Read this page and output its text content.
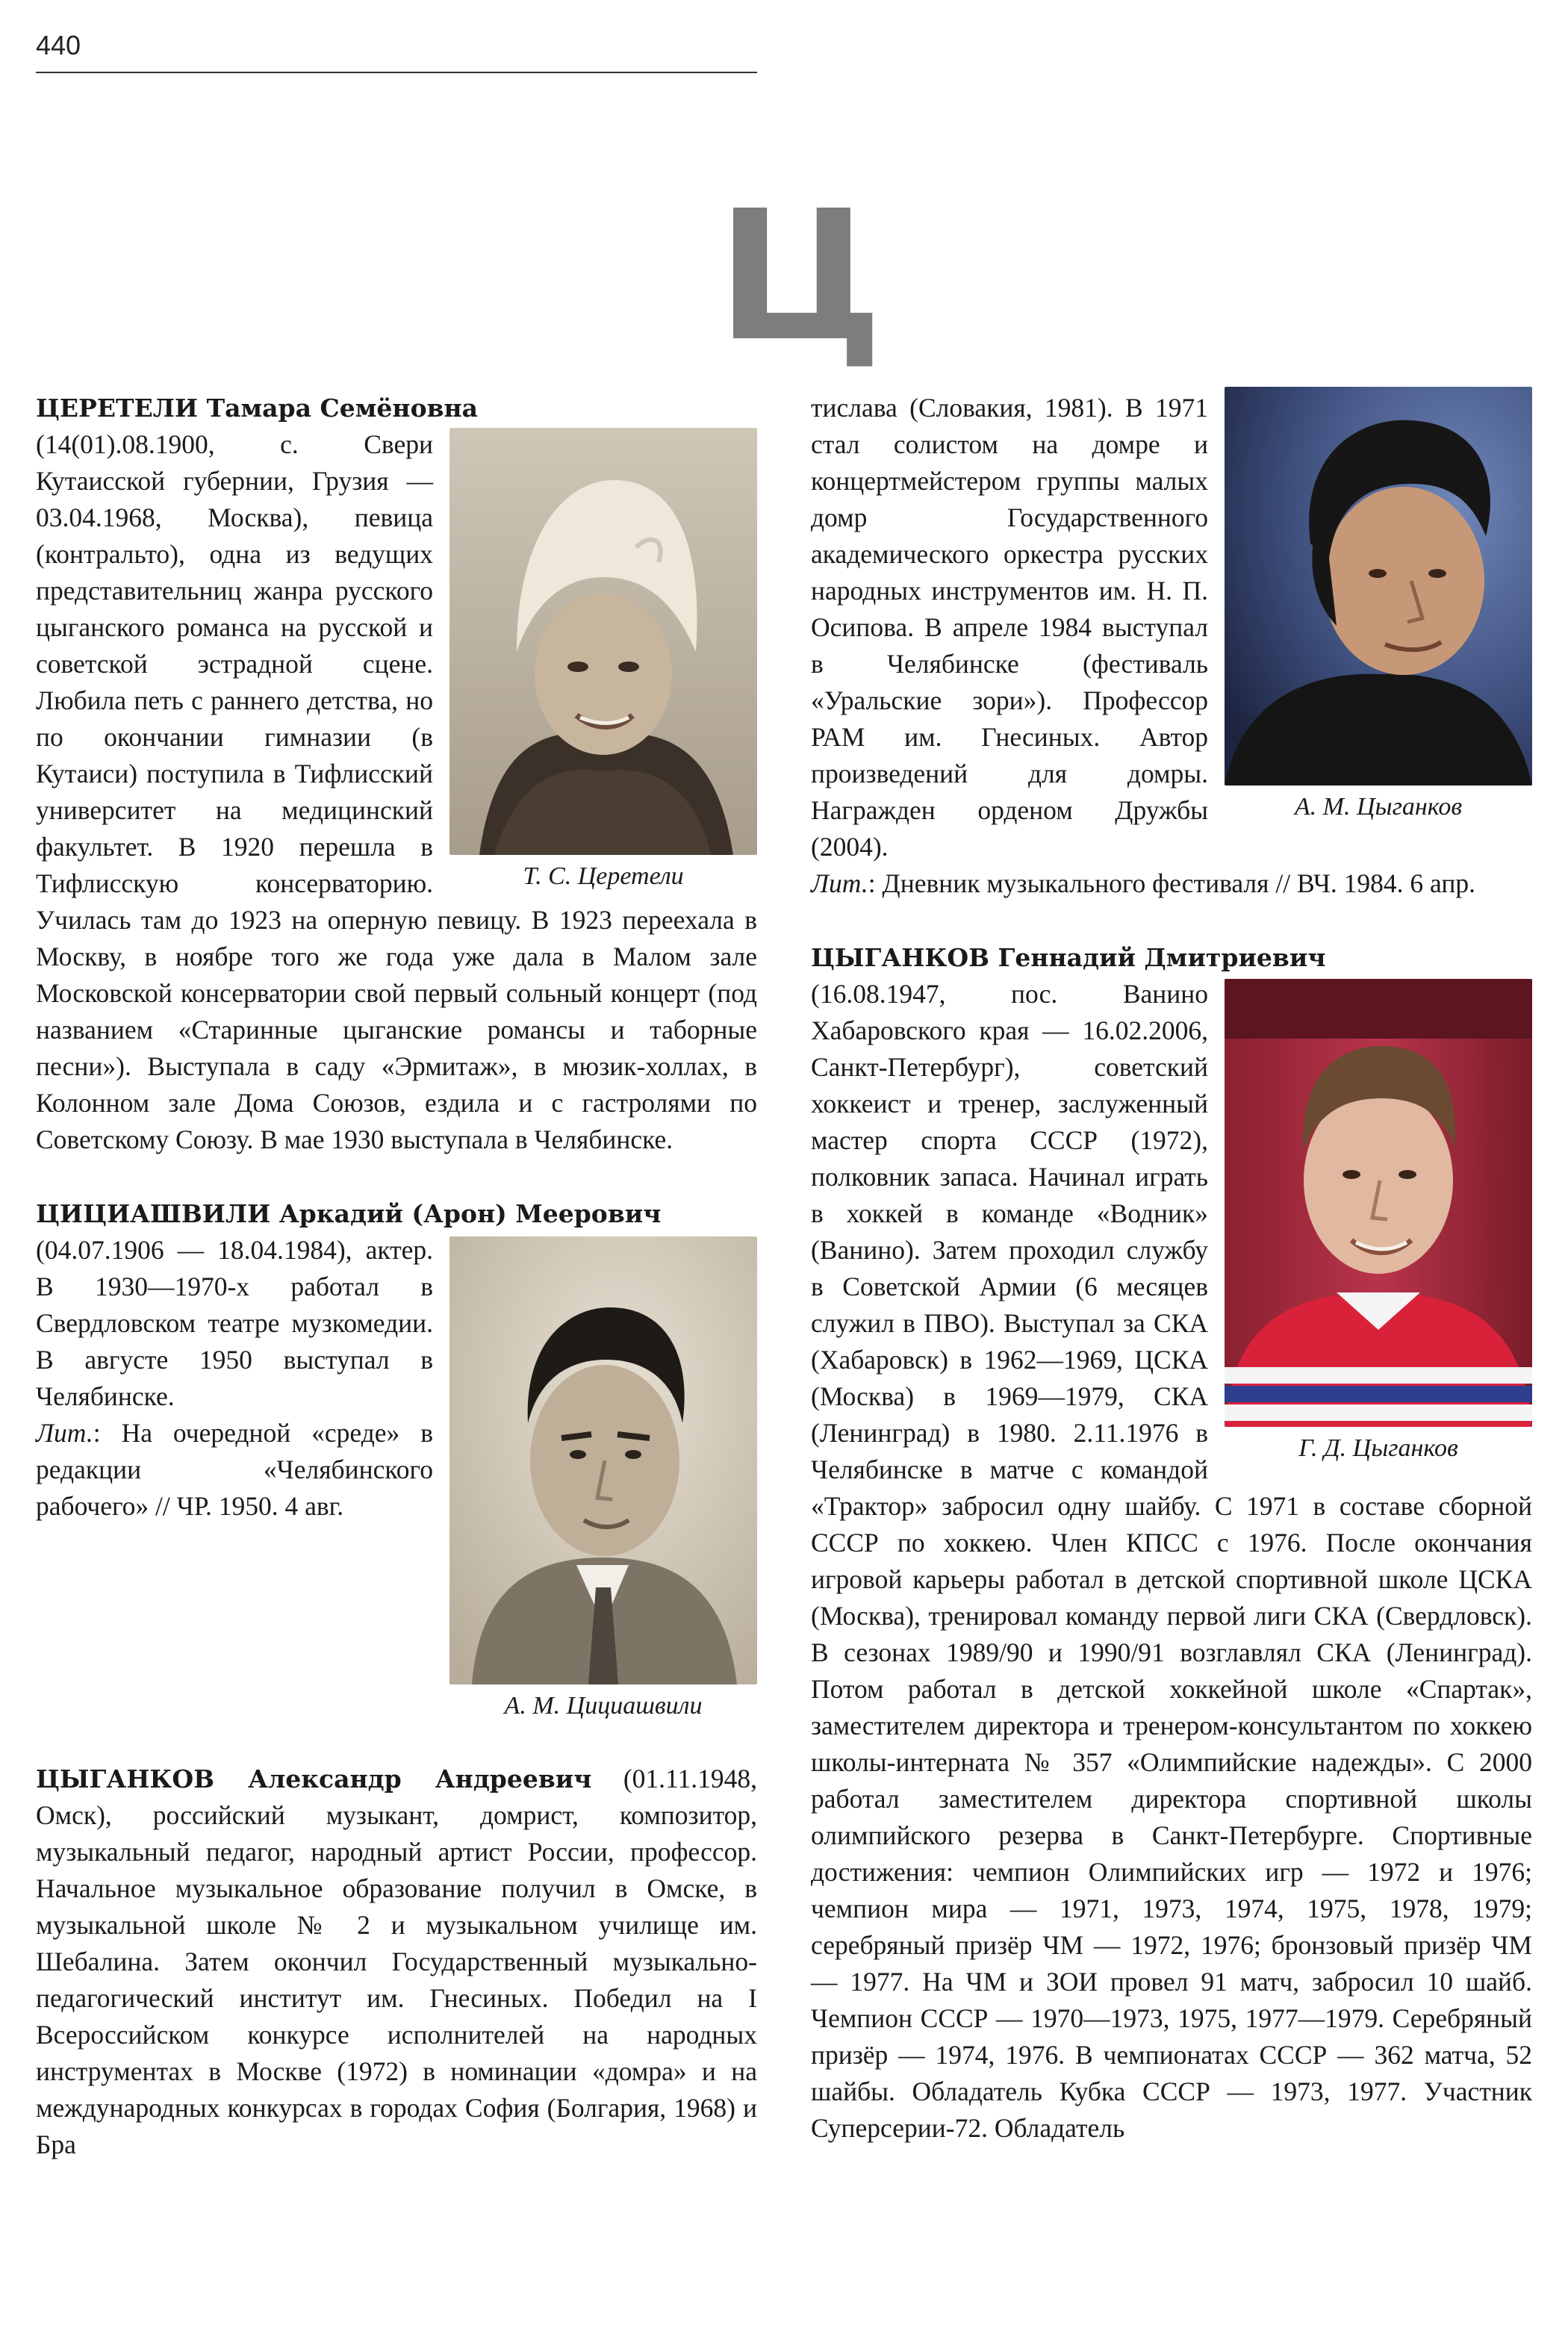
440
Ц

ЦЕРЕТЕЛИ Тамара Семёновна

Т. С. Церетели
(14(01).08.1900, с. Свери Кутаисской губернии, Грузия — 03.04.1968, Москва), певица (контральто), одна из ведущих представительниц жанра русского цыганского романса на русской и советской эстрадной сцене. Любила петь с раннего детства, но по окончании гимназии (в Кутаиси) поступила в Тифлисский университет на медицинский факультет. В 1920 перешла в Тифлисскую консерваторию. Училась там до 1923 на оперную певицу. В 1923 переехала в Москву, в ноябре того же года уже дала в Малом зале Московской консерватории свой первый сольный концерт (под названием «Старинные цыганские романсы и таборные песни»). Выступала в саду «Эрмитаж», в мюзик-холлах, в Колонном зале Дома Союзов, ездила и с гастролями по Советскому Союзу. В мае 1930 выступала в Челябинске.

ЦИЦИАШВИЛИ Аркадий (Арон) Меерович

А. М. Цициашвили
(04.07.1906 — 18.04.1984), актер. В 1930—1970-х работал в Свердловском театре музкомедии. В августе 1950 выступал в Челябинске.

Лит.: На очередной «среде» в редакции «Челябинского рабочего» // ЧР. 1950. 4 авг.

ЦЫГАНКОВ Александр Андреевич (01.11.1948, Омск), российский музыкант, домрист, композитор, музыкальный педагог, народный артист России, профессор. Начальное музыкальное образование получил в Омске, в музыкальной школе № 2 и музыкальном училище им. Шебалина. Затем окончил Государственный музыкально-педагогический институт им. Гнесиных. Победил на I Всероссийском конкурсе исполнителей на народных инструментах в Москве (1972) в номинации «домра» и на международных конкурсах в городах София (Болгария, 1968) и Бра

А. М. Цыганков
тислава (Словакия, 1981). В 1971 стал солистом на домре и концертмейстером группы малых домр Государственного академического оркестра русских народных инструментов им. Н. П. Осипова. В апреле 1984 выступал в Челябинске (фестиваль «Уральские зори»). Профессор РАМ им. Гнесиных. Автор произведений для домры. Награжден орденом Дружбы (2004).

Лит.: Дневник музыкального фестиваля // ВЧ. 1984. 6 апр.

ЦЫГАНКОВ Геннадий Дмитриевич

Г. Д. Цыганков
(16.08.1947, пос. Ванино Хабаровского края — 16.02.2006, Санкт-Петербург), советский хоккеист и тренер, заслуженный мастер спорта СССР (1972), полковник запаса. Начинал играть в хоккей в команде «Водник» (Ванино). Затем проходил службу в Советской Армии (6 месяцев служил в ПВО). Выступал за СКА (Хабаровск) в 1962—1969, ЦСКА (Москва) в 1969—1979, СКА (Ленинград) в 1980. 2.11.1976 в Челябинске в матче с командой «Трактор» забросил одну шайбу. С 1971 в составе сборной СССР по хоккею. Член КПСС с 1976. После окончания игровой карьеры работал в детской спортивной школе ЦСКА (Москва), тренировал команду первой лиги СКА (Свердловск). В сезонах 1989/90 и 1990/91 возглавлял СКА (Ленинград). Потом работал в детской хоккейной школе «Спартак», заместителем директора и тренером-консультантом по хоккею школы-интерната № 357 «Олимпийские надежды». С 2000 работал заместителем директора спортивной школы олимпийского резерва в Санкт-Петербурге. Спортивные достижения: чемпион Олимпийских игр — 1972 и 1976; чемпион мира — 1971, 1973, 1974, 1975, 1978, 1979; серебряный призёр ЧМ — 1972, 1976; бронзовый призёр ЧМ — 1977. На ЧМ и ЗОИ провел 91 матч, забросил 10 шайб. Чемпион СССР — 1970—1973, 1975, 1977—1979. Серебряный призёр — 1974, 1976. В чемпионатах СССР — 362 матча, 52 шайбы. Обладатель Кубка СССР — 1973, 1977. Участник Суперсерии-72. Обладатель
